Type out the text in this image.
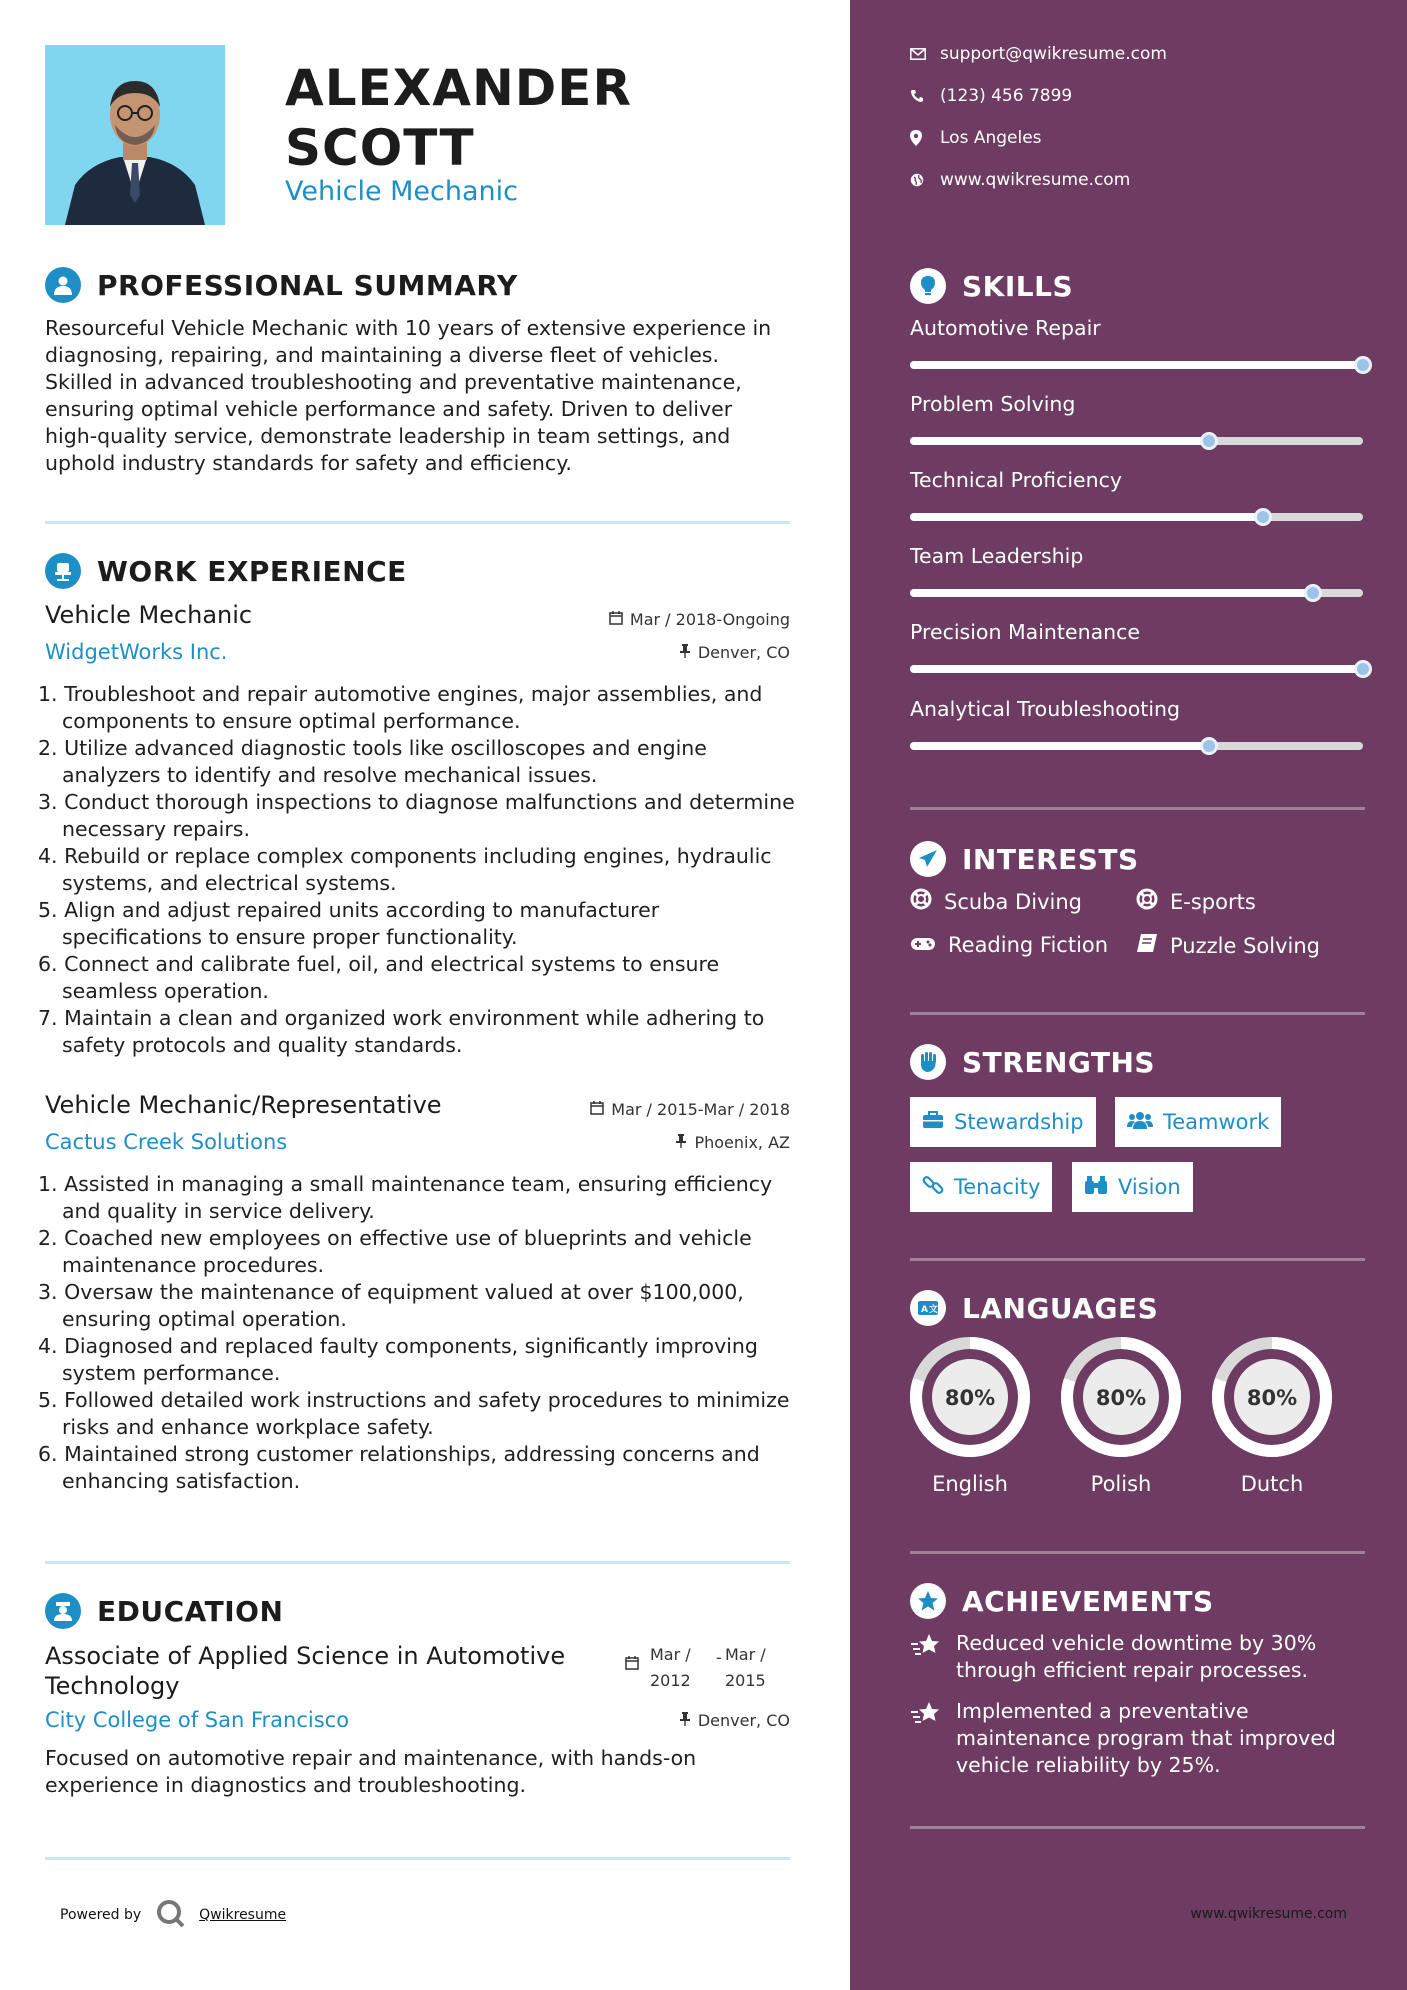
ALEXANDER
SCOTT
Vehicle Mechanic
PROFESSIONAL SUMMARY
Resourceful Vehicle Mechanic with 10 years of extensive experience in diagnosing, repairing, and maintaining a diverse fleet of vehicles. Skilled in advanced troubleshooting and preventative maintenance, ensuring optimal vehicle performance and safety. Driven to deliver high-quality service, demonstrate leadership in team settings, and uphold industry standards for safety and efficiency.
WORK EXPERIENCE
Vehicle Mechanic	Mar / 2018-Ongoing
WidgetWorks Inc.	Denver, CO
1. Troubleshoot and repair automotive engines, major assemblies, and components to ensure optimal performance.
2. Utilize advanced diagnostic tools like oscilloscopes and engine analyzers to identify and resolve mechanical issues.
3. Conduct thorough inspections to diagnose malfunctions and determine necessary repairs.
4. Rebuild or replace complex components including engines, hydraulic systems, and electrical systems.
5. Align and adjust repaired units according to manufacturer specifications to ensure proper functionality.
6. Connect and calibrate fuel, oil, and electrical systems to ensure seamless operation.
7. Maintain a clean and organized work environment while adhering to safety protocols and quality standards.
Vehicle Mechanic/Representative	Mar / 2015-Mar / 2018
Cactus Creek Solutions	Phoenix, AZ
1. Assisted in managing a small maintenance team, ensuring efficiency and quality in service delivery.
2. Coached new employees on effective use of blueprints and vehicle maintenance procedures.
3. Oversaw the maintenance of equipment valued at over $100,000, ensuring optimal operation.
4. Diagnosed and replaced faulty components, significantly improving system performance.
5. Followed detailed work instructions and safety procedures to minimize risks and enhance workplace safety.
6. Maintained strong customer relationships, addressing concerns and enhancing satisfaction.
EDUCATION
Associate of Applied Science in Automotive
Technology
Mar /
2012
- Mar /
2015
City College of San Francisco	Denver, CO
Focused on automotive repair and maintenance, with hands-on experience in diagnostics and troubleshooting.
Powered by	Qwikresume
support@qwikresume.com
(123) 456 7899
Los Angeles
www.qwikresume.com
SKILLS
Automotive Repair
Problem Solving
Technical Proficiency
Team Leadership
Precision Maintenance
Analytical Troubleshooting
INTERESTS
Scuba Diving	E-sports
Reading Fiction	Puzzle Solving
STRENGTHS
Stewardship	Teamwork
Tenacity	Vision
A 文 LANGUAGES
80%
English
80%
Polish
80%
Dutch
ACHIEVEMENTS
Reduced vehicle downtime by 30% through efficient repair processes.
Implemented a preventative maintenance program that improved vehicle reliability by 25%.
www.qwikresume.com
